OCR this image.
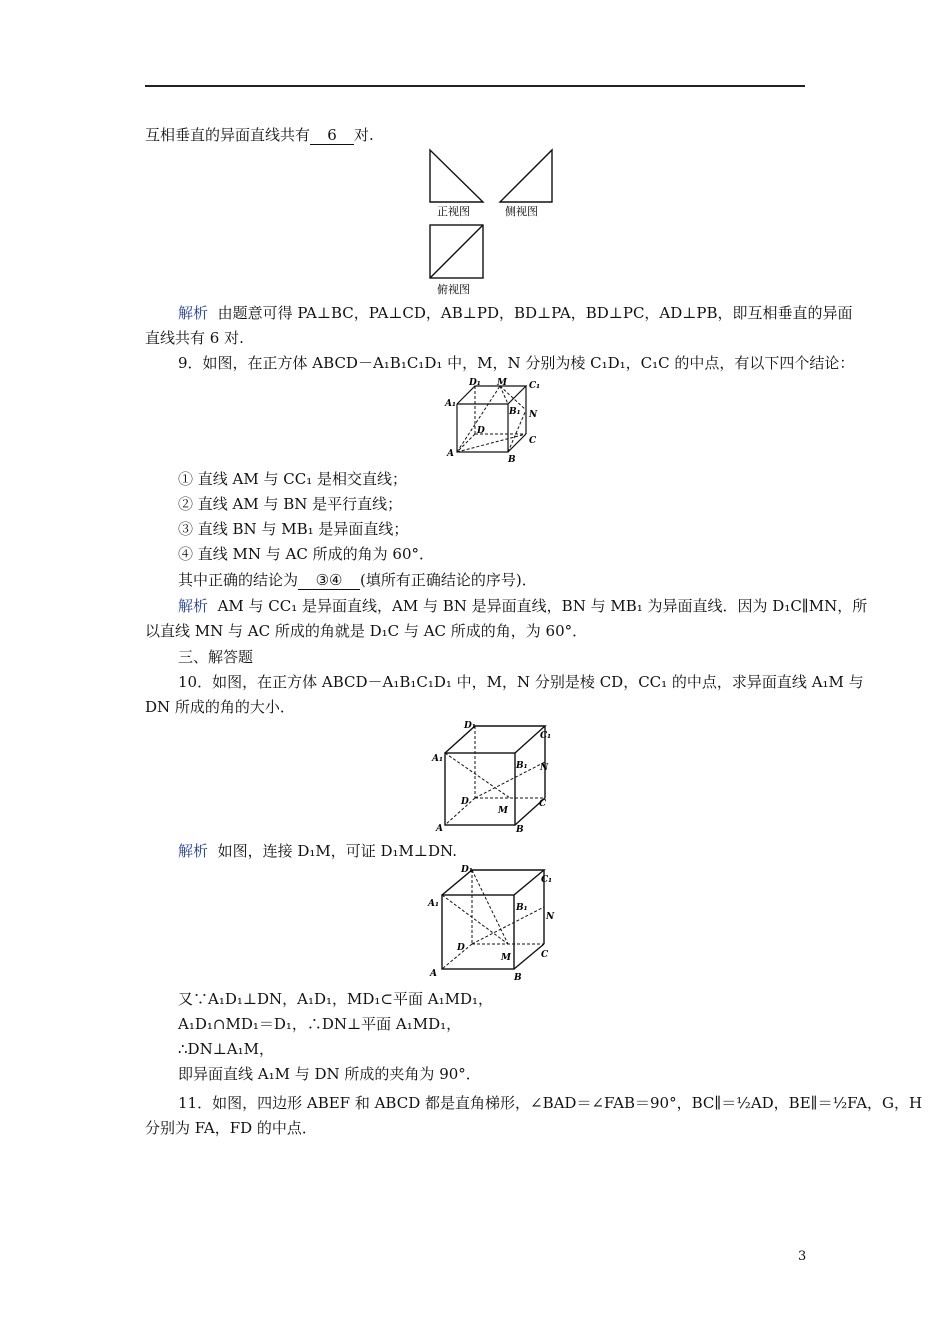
互相垂直的异面直线共有 6 对.
正视图	侧视图
俯视图
解析 由题意可得 PA⊥BC，PA⊥CD，AB⊥PD，BD⊥PA，BD⊥PC，AD⊥PB，即互相垂直的异面
直线共有 6 对.
9．如图，在正方体 ABCD－A₁B₁C₁D₁ 中，M，N 分别为棱 C₁D₁，C₁C 的中点，有以下四个结论：
D₁ M C₁
A₁
B₁ N
D
C
A
B
① 直线 AM 与 CC₁ 是相交直线；
② 直线 AM 与 BN 是平行直线；
③ 直线 BN 与 MB₁ 是异面直线；
④ 直线 MN 与 AC 所成的角为 60°．
其中正确的结论为 ③④ (填所有正确结论的序号)．
解析 AM 与 CC₁ 是异面直线，AM 与 BN 是异面直线，BN 与 MB₁ 为异面直线．因为 D₁C∥MN，所
以直线 MN 与 AC 所成的角就是 D₁C 与 AC 所成的角，为 60°．
三、解答题
10．如图，在正方体 ABCD－A₁B₁C₁D₁ 中，M，N 分别是棱 CD，CC₁ 的中点，求异面直线 A₁M 与
DN 所成的角的大小．
D₁
C₁
A₁
B₁ N
D
M
C
A	B
解析 如图，连接 D₁M，可证 D₁M⊥DN.
D₁
C₁
A₁	B₁
N
D
M	C
A	B
又∵A₁D₁⊥DN，A₁D₁，MD₁⊂平面 A₁MD₁，
A₁D₁∩MD₁＝D₁，∴DN⊥平面 A₁MD₁，
∴DN⊥A₁M，
即异面直线 A₁M 与 DN 所成的夹角为 90°．
11．如图，四边形 ABEF 和 ABCD 都是直角梯形，∠BAD＝∠FAB＝90°，BC∥＝½AD，BE∥＝½FA，G，H
分别为 FA，FD 的中点．
3
